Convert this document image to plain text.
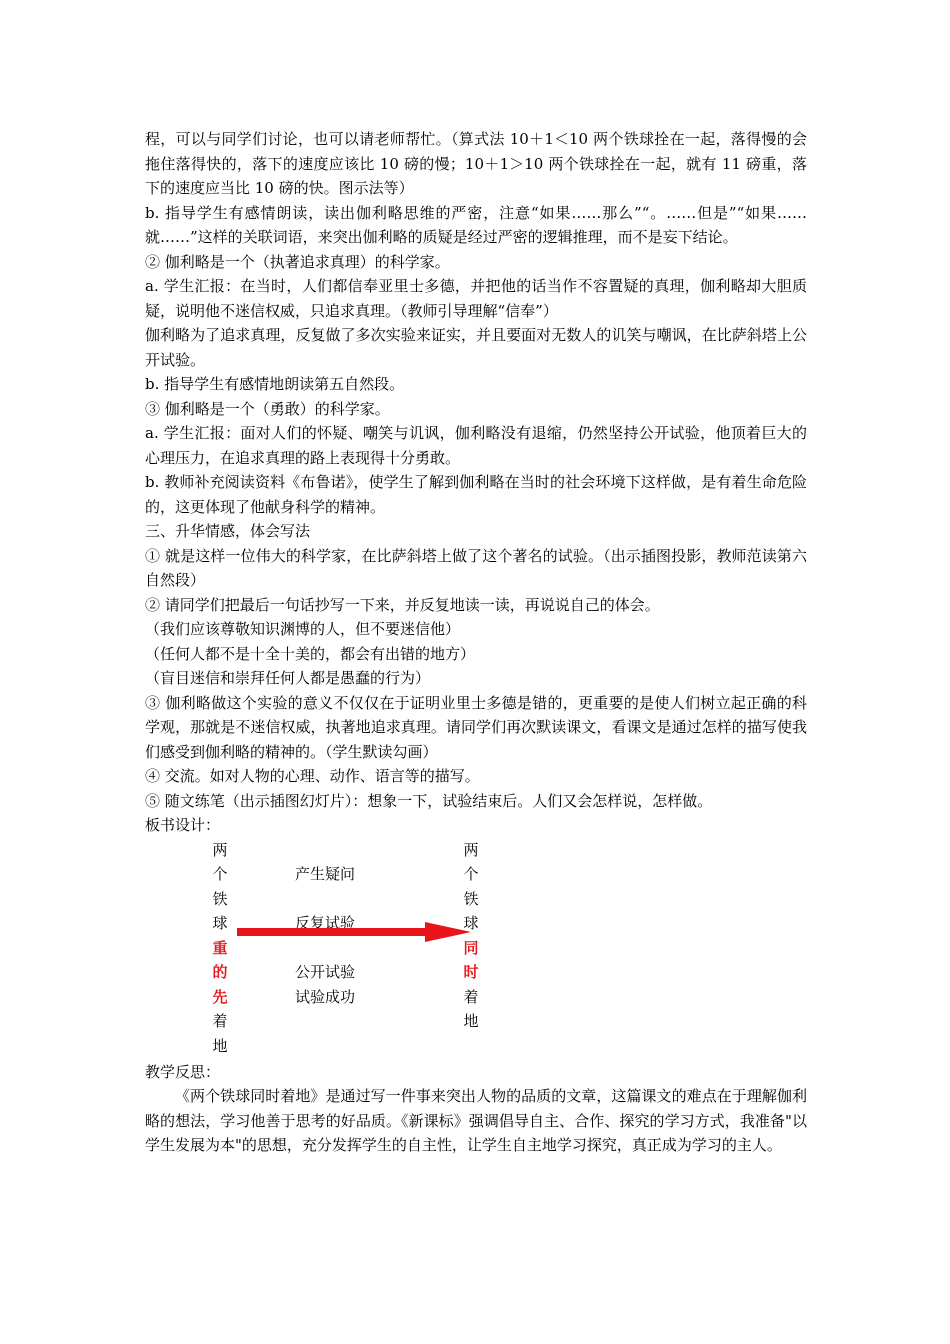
程，可以与同学们讨论，也可以请老师帮忙。（算式法 10＋1＜10 两个铁球拴在一起，落得慢的会拖住落得快的，落下的速度应该比 10 磅的慢；10＋1＞10 两个铁球拴在一起，就有 11 磅重，落下的速度应当比 10 磅的快。图示法等）

b. 指导学生有感情朗读，读出伽利略思维的严密，注意“如果……那么”“。……但是”“如果……就……”这样的关联词语，来突出伽利略的质疑是经过严密的逻辑推理，而不是妄下结论。

② 伽利略是一个（执著追求真理）的科学家。

a. 学生汇报：在当时，人们都信奉亚里士多德，并把他的话当作不容置疑的真理，伽利略却大胆质疑，说明他不迷信权威，只追求真理。（教师引导理解“信奉”）

伽利略为了追求真理，反复做了多次实验来证实，并且要面对无数人的讥笑与嘲讽，在比萨斜塔上公开试验。

b. 指导学生有感情地朗读第五自然段。

③ 伽利略是一个（勇敢）的科学家。

a. 学生汇报：面对人们的怀疑、嘲笑与讥讽，伽利略没有退缩，仍然坚持公开试验，他顶着巨大的心理压力，在追求真理的路上表现得十分勇敢。

b. 教师补充阅读资料《布鲁诺》，使学生了解到伽利略在当时的社会环境下这样做，是有着生命危险的，这更体现了他献身科学的精神。

三、升华情感，体会写法

① 就是这样一位伟大的科学家，在比萨斜塔上做了这个著名的试验。（出示插图投影，教师范读第六自然段）

② 请同学们把最后一句话抄写一下来，并反复地读一读，再说说自己的体会。

（我们应该尊敬知识渊博的人，但不要迷信他）

（任何人都不是十全十美的，都会有出错的地方）

（盲目迷信和崇拜任何人都是愚蠢的行为）

③ 伽利略做这个实验的意义不仅仅在于证明业里士多德是错的，更重要的是使人们树立起正确的科学观，那就是不迷信权威，执著地追求真理。请同学们再次默读课文，看课文是通过怎样的描写使我们感受到伽利略的精神的。（学生默读勾画）

④ 交流。如对人物的心理、动作、语言等的描写。

⑤ 随文练笔（出示插图幻灯片）：想象一下，试验结束后。人们又会怎样说，怎样做。

板书设计：

两
个
铁
球
重
的
先
着
地
产生疑问
反复试验
公开试验
试验成功
两
个
铁
球
同
时
着
地

教学反思：

《两个铁球同时着地》是通过写一件事来突出人物的品质的文章，这篇课文的难点在于理解伽利略的想法，学习他善于思考的好品质。《新课标》强调倡导自主、合作、探究的学习方式，我准备"以学生发展为本"的思想，充分发挥学生的自主性，让学生自主地学习探究，真正成为学习的主人。
